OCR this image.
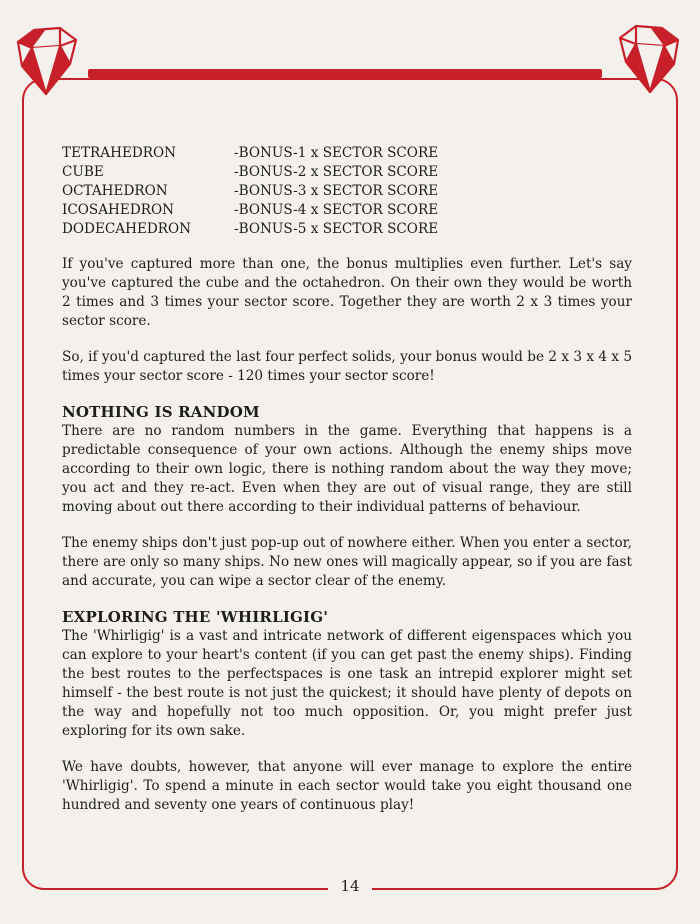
TETRAHEDRON	-BONUS-1 x SECTOR SCORE
CUBE	-BONUS-2 x SECTOR SCORE
OCTAHEDRON	-BONUS-3 x SECTOR SCORE
ICOSAHEDRON	-BONUS-4 x SECTOR SCORE
DODECAHEDRON	-BONUS-5 x SECTOR SCORE

If you've captured more than one, the bonus multiplies even further. Let's say you've captured the cube and the octahedron. On their own they would be worth 2 times and 3 times your sector score. Together they are worth 2 x 3 times your sector score.

So, if you'd captured the last four perfect solids, your bonus would be 2 x 3 x 4 x 5 times your sector score - 120 times your sector score!

NOTHING IS RANDOM

There are no random numbers in the game. Everything that happens is a predictable consequence of your own actions. Although the enemy ships move according to their own logic, there is nothing random about the way they move; you act and they re-act. Even when they are out of visual range, they are still moving about out there according to their individual patterns of behaviour.

The enemy ships don't just pop-up out of nowhere either. When you enter a sector, there are only so many ships. No new ones will magically appear, so if you are fast and accurate, you can wipe a sector clear of the enemy.

EXPLORING THE 'WHIRLIGIG'

The 'Whirligig' is a vast and intricate network of different eigenspaces which you can explore to your heart's content (if you can get past the enemy ships). Finding the best routes to the perfectspaces is one task an intrepid explorer might set himself - the best route is not just the quickest; it should have plenty of depots on the way and hopefully not too much opposition. Or, you might prefer just exploring for its own sake.

We have doubts, however, that anyone will ever manage to explore the entire 'Whirligig'. To spend a minute in each sector would take you eight thousand one hundred and seventy one years of continuous play!

14
